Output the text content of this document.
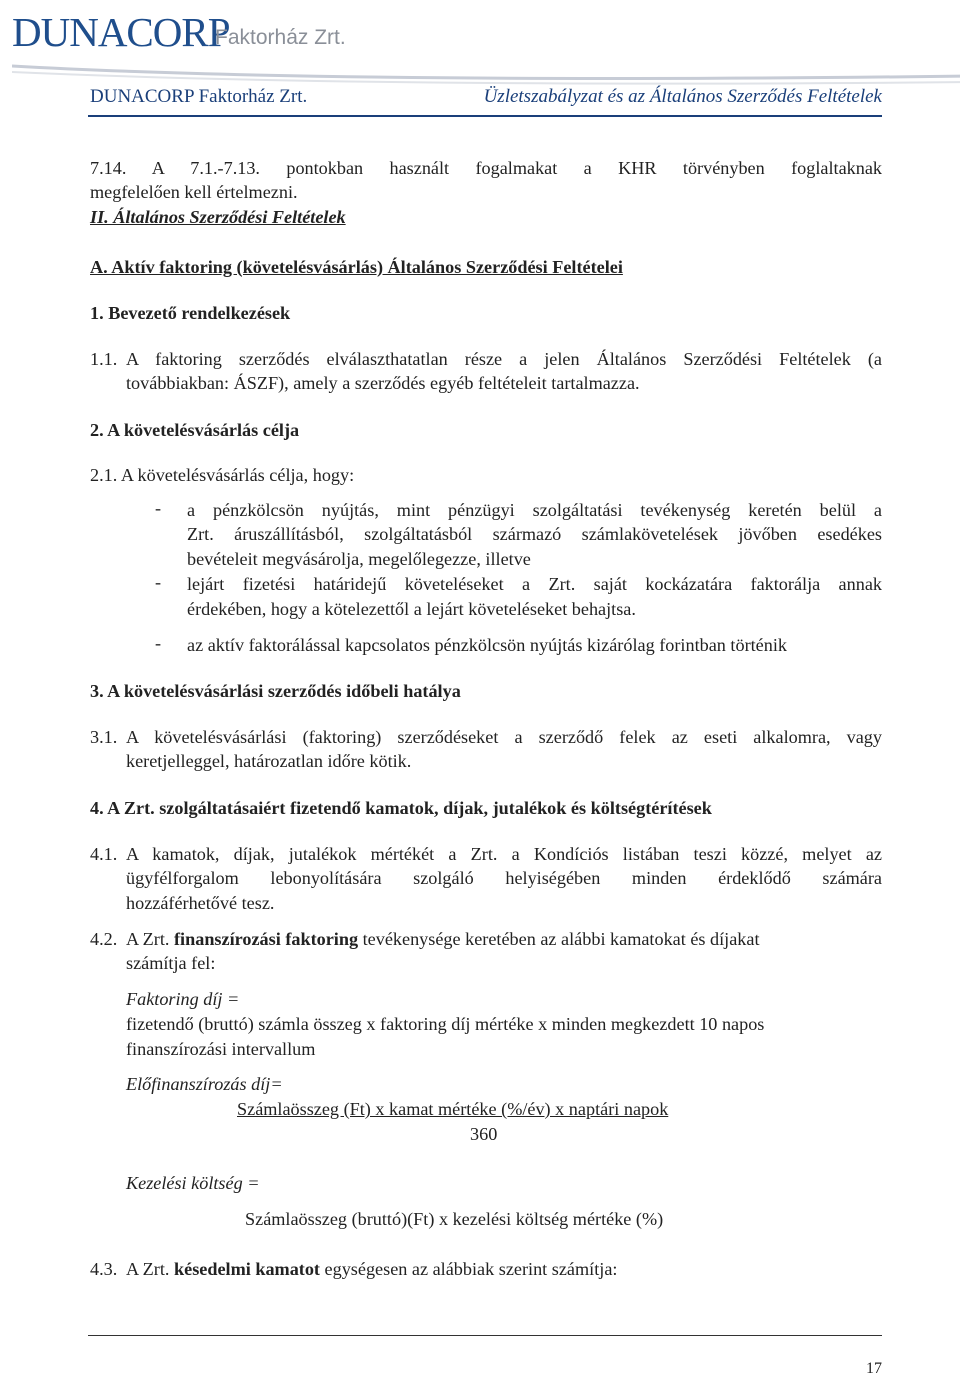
DUNACORP
Faktorház Zrt.
DUNACORP Faktorház Zrt.	Üzletszabályzat és az Általános Szerződés Feltételek
7.14. A 7.1.-7.13. pontokban használt fogalmakat a KHR törvényben foglaltaknak
megfelelően kell értelmezni.
II. Általános Szerződési Feltételek
A. Aktív faktoring (követelésvásárlás) Általános Szerződési Feltételei
1. Bevezető rendelkezések
1.1. A faktoring szerződés elválaszthatatlan része a jelen Általános Szerződési Feltételek (a
továbbiakban: ÁSZF), amely a szerződés egyéb feltételeit tartalmazza.
2. A követelésvásárlás célja
2.1. A követelésvásárlás célja, hogy:
- a pénzkölcsön nyújtás, mint pénzügyi szolgáltatási tevékenység keretén belül a
Zrt. áruszállításból, szolgáltatásból származó számlakövetelések jövőben esedékes
bevételeit megvásárolja, megelőlegezze, illetve
- lejárt fizetési határidejű követeléseket a Zrt. saját kockázatára faktorálja annak
érdekében, hogy a kötelezettől a lejárt követeléseket behajtsa.
- az aktív faktorálással kapcsolatos pénzkölcsön nyújtás kizárólag forintban történik
3. A követelésvásárlási szerződés időbeli hatálya
3.1. A követelésvásárlási (faktoring) szerződéseket a szerződő felek az eseti alkalomra, vagy
keretjelleggel, határozatlan időre kötik.
4. A Zrt. szolgáltatásaiért fizetendő kamatok, díjak, jutalékok és költségtérítések
4.1. A kamatok, díjak, jutalékok mértékét a Zrt. a Kondíciós listában teszi közzé, melyet az
ügyfélforgalom lebonyolítására szolgáló helyiségében minden érdeklődő számára
hozzáférhetővé tesz.
4.2. A Zrt. finanszírozási faktoring tevékenysége keretében az alábbi kamatokat és díjakat
számítja fel:
Faktoring díj =
fizetendő (bruttó) számla összeg x faktoring díj mértéke x minden megkezdett 10 napos
finanszírozási intervallum
Előfinanszírozás díj=
Számlaösszeg (Ft) x kamat mértéke (%/év) x naptári napok
360
Kezelési költség =
Számlaösszeg (bruttó)(Ft) x kezelési költség mértéke (%)
4.3. A Zrt. késedelmi kamatot egységesen az alábbiak szerint számítja:
17
